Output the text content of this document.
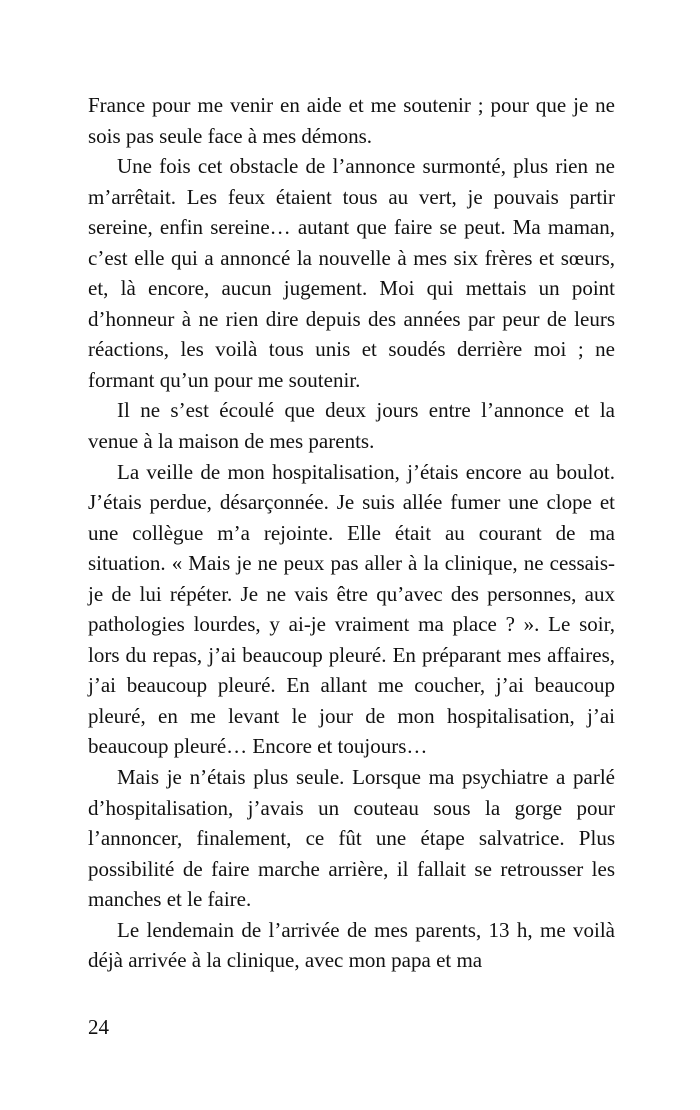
France pour me venir en aide et me soutenir ; pour que je ne sois pas seule face à mes démons.

Une fois cet obstacle de l’annonce surmonté, plus rien ne m’arrêtait. Les feux étaient tous au vert, je pouvais partir sereine, enfin sereine… autant que faire se peut. Ma maman, c’est elle qui a annoncé la nouvelle à mes six frères et sœurs, et, là encore, aucun jugement. Moi qui mettais un point d’honneur à ne rien dire depuis des années par peur de leurs réactions, les voilà tous unis et soudés derrière moi ; ne formant qu’un pour me soutenir.

Il ne s’est écoulé que deux jours entre l’annonce et la venue à la maison de mes parents.

La veille de mon hospitalisation, j’étais encore au boulot. J’étais perdue, désarçonnée. Je suis allée fumer une clope et une collègue m’a rejointe. Elle était au courant de ma situation. « Mais je ne peux pas aller à la clinique, ne cessais-je de lui répéter. Je ne vais être qu’avec des personnes, aux pathologies lourdes, y ai-je vraiment ma place ? ». Le soir, lors du repas, j’ai beaucoup pleuré. En préparant mes affaires, j’ai beaucoup pleuré. En allant me coucher, j’ai beaucoup pleuré, en me levant le jour de mon hospitalisation, j’ai beaucoup pleuré… Encore et toujours…

Mais je n’étais plus seule. Lorsque ma psychiatre a parlé d’hospitalisation, j’avais un couteau sous la gorge pour l’annoncer, finalement, ce fût une étape salvatrice. Plus possibilité de faire marche arrière, il fallait se retrousser les manches et le faire.

Le lendemain de l’arrivée de mes parents, 13 h, me voilà déjà arrivée à la clinique, avec mon papa et ma

24
